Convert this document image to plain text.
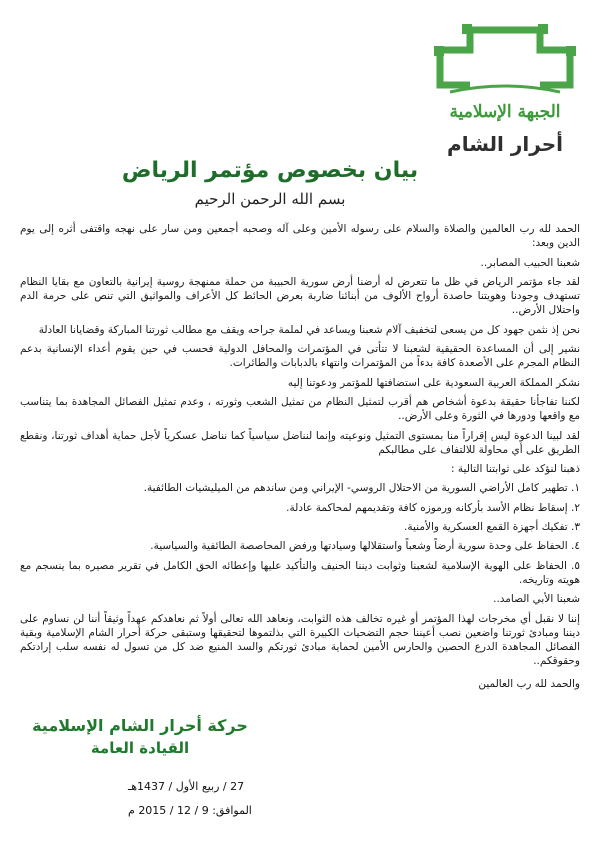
الجبهة الإسلامية
أحرار الشام
بيان بخصوص مؤتمر الرياض
بسم الله الرحمن الرحيم

الحمد لله رب العالمين والصلاة والسلام على رسوله الأمين وعلى آله وصحبه أجمعين ومن سار على نهجه واقتفى أثره إلى يوم الدين وبعد:

شعبنا الحبيب المصابر..

لقد جاء مؤتمر الرياض في ظل ما تتعرض له أرضنا أرض سورية الحبيبة من حملة ممنهجة روسية إيرانية بالتعاون مع بقايا النظام تستهدف وجودنا وهويتنا حاصدة أرواح الألوف من أبنائنا ضاربة بعرض الحائط كل الأعراف والمواثيق التي تنص على حرمة الدم واحتلال الأرض..

نحن إذ نثمن جهود كل من يسعى لتخفيف آلام شعبنا ويساعد في لملمة جراحه ويقف مع مطالب ثورتنا المباركة وقضايانا العادلة

نشير إلى أن المساعدة الحقيقية لشعبنا لا تتأتى في المؤتمرات والمحافل الدولية فحسب في حين يقوم أعداء الإنسانية بدعم النظام المجرم على الأصعدة كافة بدءاً من المؤتمرات وانتهاء بالدبابات والطائرات.

نشكر المملكة العربية السعودية على استضافتها للمؤتمر ودعوتنا إليه

لكننا تفاجأنا حقيقة بدعوة أشخاص هم أقرب لتمثيل النظام من تمثيل الشعب وثورته ، وعدم تمثيل الفصائل المجاهدة بما يتناسب مع واقعها ودورها في الثورة وعلى الأرض..

لقد لبينا الدعوة ليس إقراراً منا بمستوى التمثيل ونوعيته وإنما لنناضل سياسياً كما نناضل عسكرياً لأجل حماية أهداف ثورتنا، ونقطع الطريق على أي محاولة للالتفاف على مطالبكم

ذهبنا لنؤكد على ثوابتنا التالية :

١. تطهير كامل الأراضي السورية من الاحتلال الروسي- الإيراني ومن ساندهم من الميليشيات الطائفية.

٢. إسقاط نظام الأسد بأركانه ورموزه كافة وتقديمهم لمحاكمة عادلة.

٣. تفكيك أجهزة القمع العسكرية والأمنية.

٤. الحفاظ على وحدة سورية أرضاً وشعباً واستقلالها وسيادتها ورفض المحاصصة الطائفية والسياسية.

٥. الحفاظ على الهوية الإسلامية لشعبنا وثوابت ديننا الحنيف والتأكيد عليها وإعطائه الحق الكامل في تقرير مصيره بما ينسجم مع هويته وتاريخه.

شعبنا الأبي الصامد..

إننا لا نقبل أي مخرجات لهذا المؤتمر أو غيره تخالف هذه الثوابت، ونعاهد الله تعالى أولاً ثم نعاهدكم عهداً وثيقاً أننا لن نساوم على ديننا ومبادئ ثورتنا واضعين نصب أعيننا حجم التضحيات الكبيرة التي بذلتموها لتحقيقها وستبقى حركة أحرار الشام الإسلامية وبقية الفصائل المجاهدة الدرع الحصين والحارس الأمين لحماية مبادئ ثورتكم والسد المنيع ضد كل من تسول له نفسه سلب إرادتكم وحقوقكم..

والحمد لله رب العالمين

حركة أحرار الشام الإسلامية
القيادة العامة
27 / ربيع الأول / 1437هـ
الموافق: 9 / 12 / 2015 م
